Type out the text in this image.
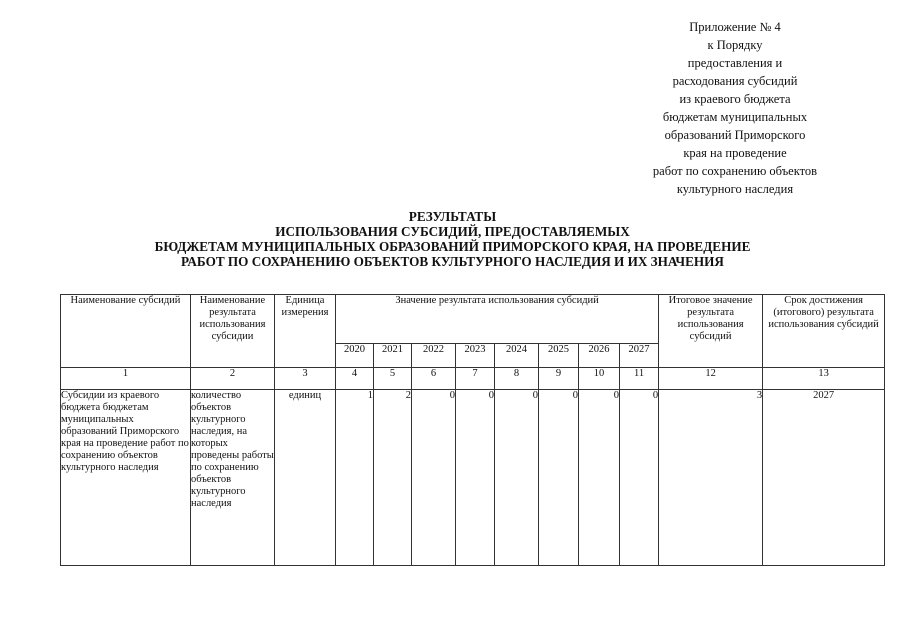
Приложение № 4
к Порядку
предоставления и
расходования субсидий
из краевого бюджета
бюджетам муниципальных
образований Приморского
края на проведение
работ по сохранению объектов
культурного наследия
РЕЗУЛЬТАТЫ
ИСПОЛЬЗОВАНИЯ СУБСИДИЙ, ПРЕДОСТАВЛЯЕМЫХ
БЮДЖЕТАМ МУНИЦИПАЛЬНЫХ ОБРАЗОВАНИЙ ПРИМОРСКОГО КРАЯ, НА ПРОВЕДЕНИЕ
РАБОТ ПО СОХРАНЕНИЮ ОБЪЕКТОВ КУЛЬТУРНОГО НАСЛЕДИЯ И ИХ ЗНАЧЕНИЯ
Наименование субсидий	Наименование результата использования субсидии	Единица измерения	Значение результата использования субсидий								Итоговое значение результата использования субсидий	Срок достижения (итогового) результата использования субсидий
			2020	2021	2022	2023	2024	2025	2026	2027		
1	2	3	4	5	6	7	8	9	10	11	12	13
Субсидии из краевого бюджета бюджетам муниципальных образований Приморского края на проведение работ по сохранению объектов культурного наследия	количество объектов культурного наследия, на которых проведены работы по сохранению объектов культурного наследия	единиц	1	2	0	0	0	0	0	0	3	2027
